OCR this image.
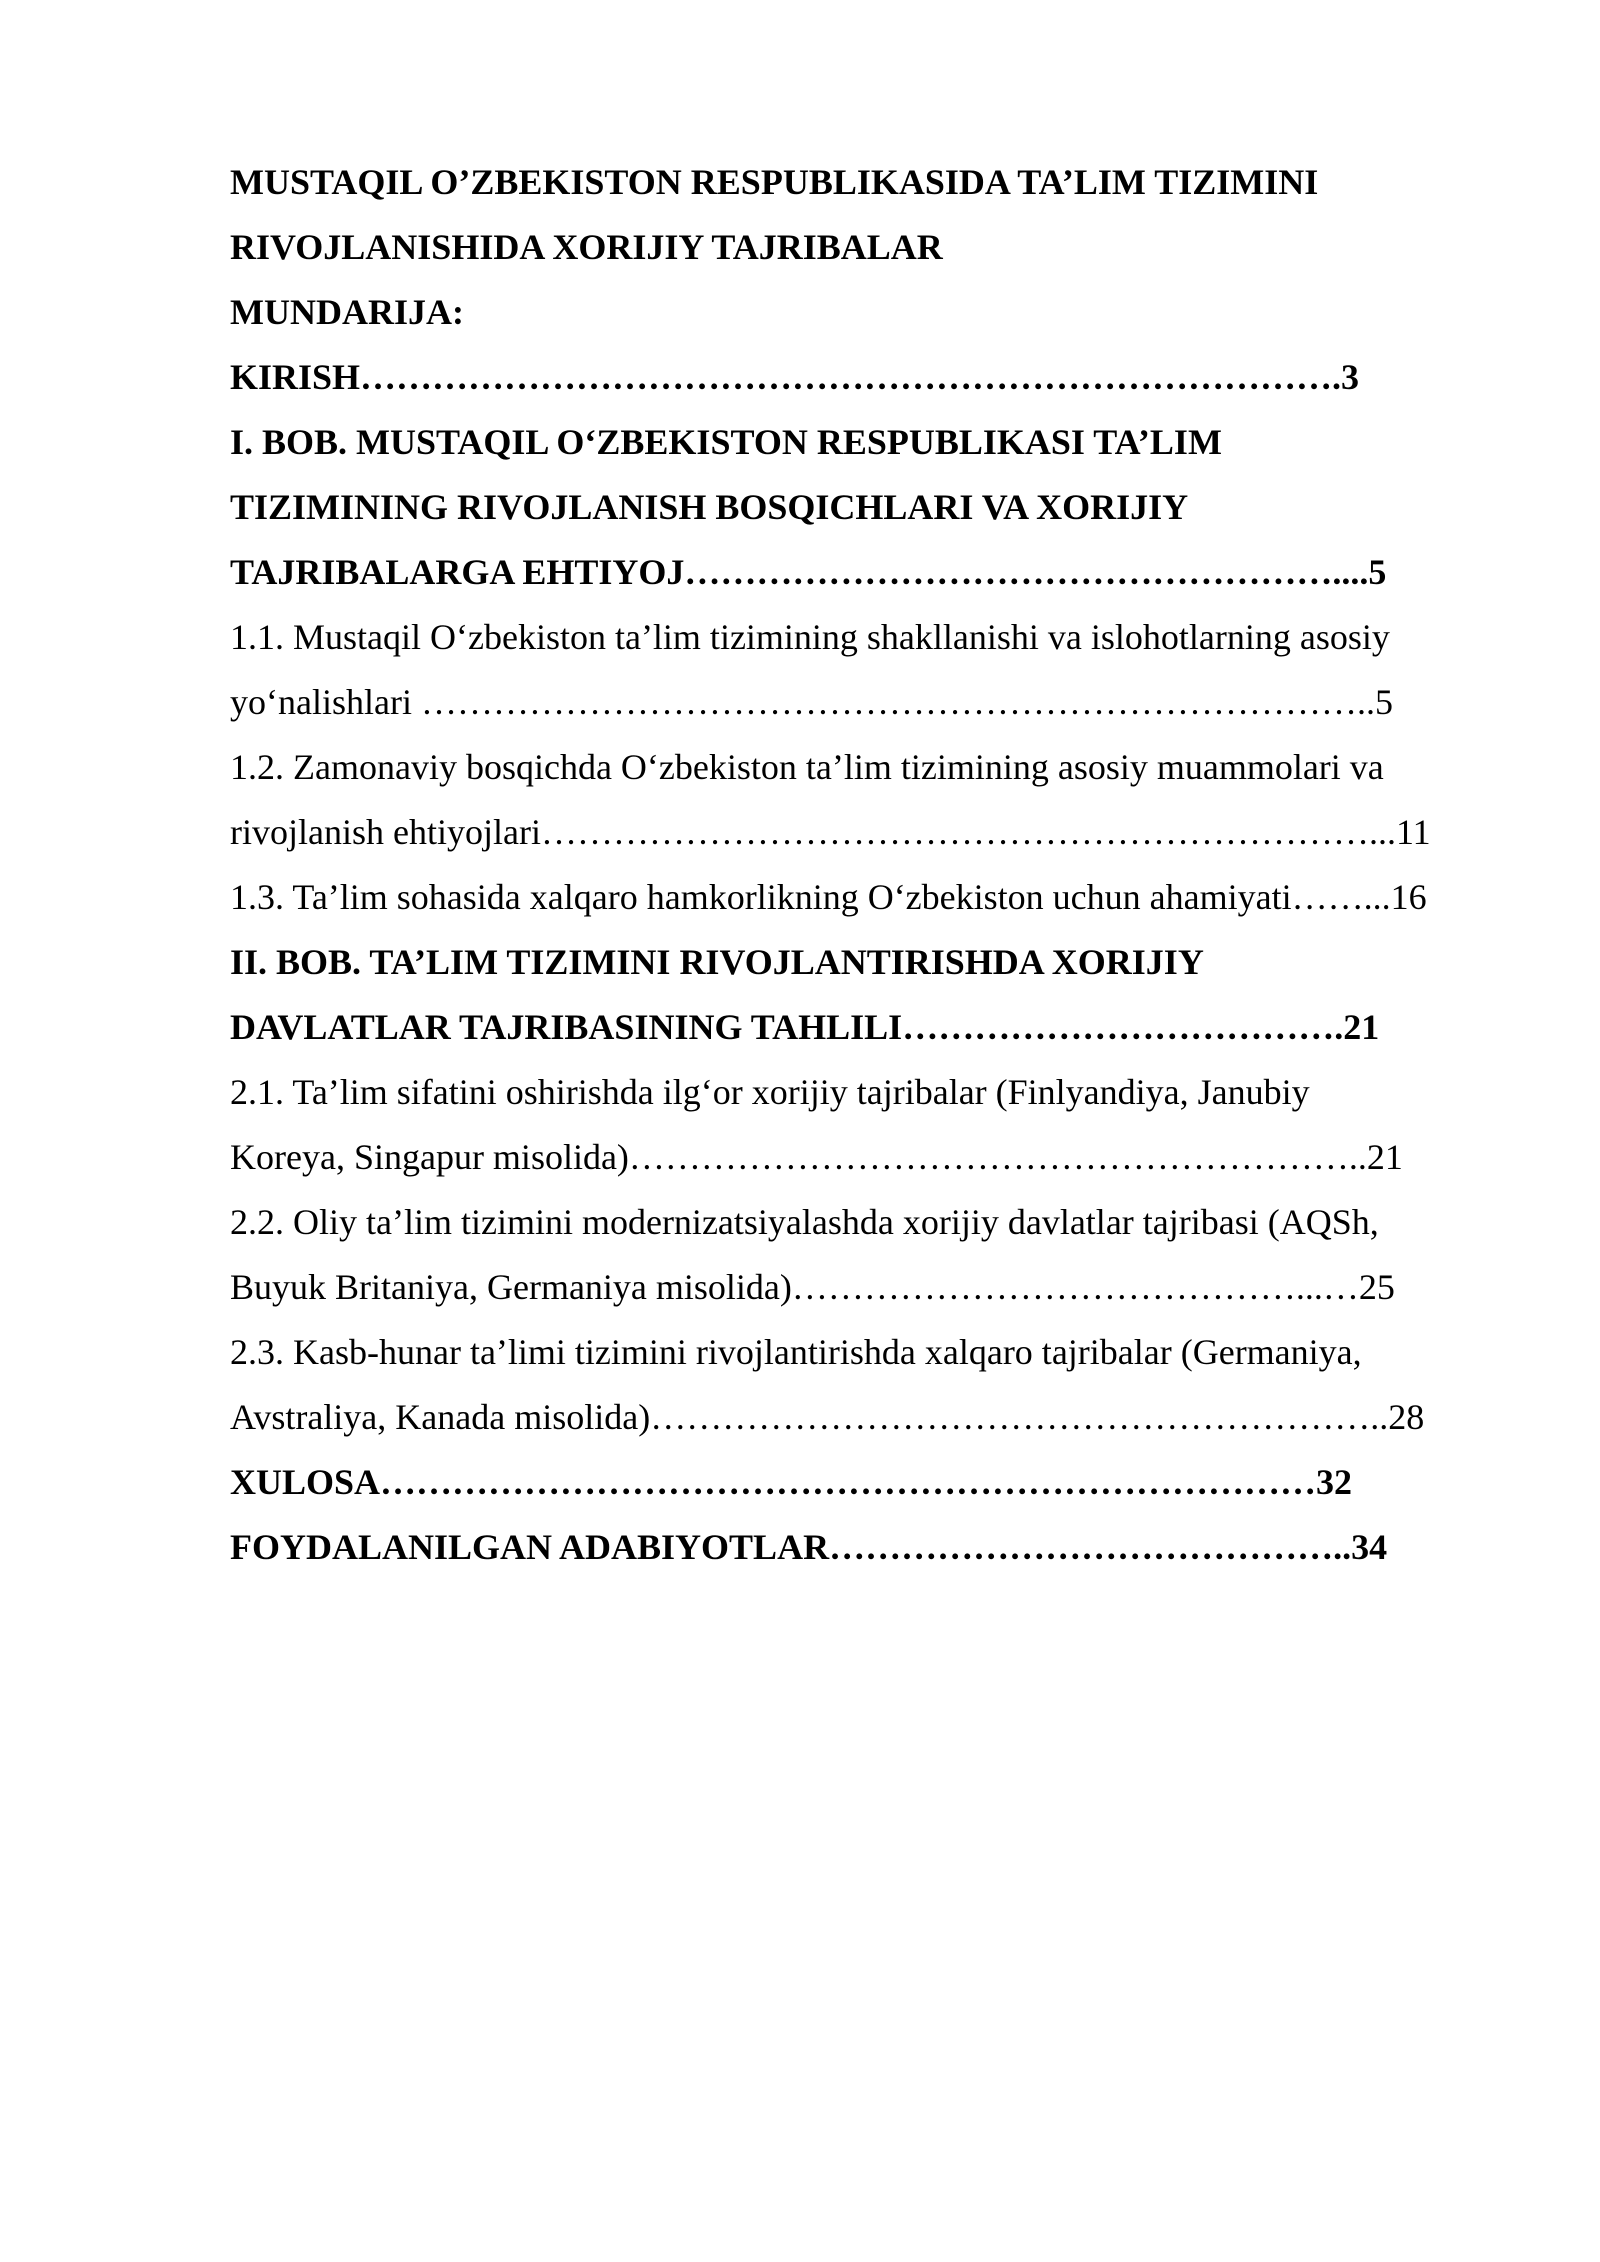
MUSTAQIL O’ZBEKISTON RESPUBLIKASIDA TA’LIM TIZIMINI
RIVOJLANISHIDA XORIJIY TAJRIBALAR
MUNDARIJA:
KIRISH……………………………………………………………………….3
I. BOB. MUSTAQIL O‘ZBEKISTON RESPUBLIKASI TA’LIM
TIZIMINING RIVOJLANISH BOSQICHLARI VA XORIJIY
TAJRIBALARGA EHTIYOJ………………………………………………....5
1.1. Mustaqil O‘zbekiston ta’lim tizimining shakllanishi va islohotlarning asosiy
yo‘nalishlari ……………………………………………………………………..5
1.2. Zamonaviy bosqichda O‘zbekiston ta’lim tizimining asosiy muammolari va
rivojlanish ehtiyojlari……………………………………………………………...11
1.3. Ta’lim sohasida xalqaro hamkorlikning O‘zbekiston uchun ahamiyati……...16
II. BOB. TA’LIM TIZIMINI RIVOJLANTIRISHDA XORIJIY
DAVLATLAR TAJRIBASINING TAHLILI……………………………….21
2.1. Ta’lim sifatini oshirishda ilg‘or xorijiy tajribalar (Finlyandiya, Janubiy
Koreya, Singapur misolida)……………………………………………………..21
2.2. Oliy ta’lim tizimini modernizatsiyalashda xorijiy davlatlar tajribasi (AQSh,
Buyuk Britaniya, Germaniya misolida)……………………………………...…25
2.3. Kasb-hunar ta’limi tizimini rivojlantirishda xalqaro tajribalar (Germaniya,
Avstraliya, Kanada misolida)……………………………………………………..28
XULOSA……………………………………………………………………32
FOYDALANILGAN ADABIYOTLAR……………………………………..34
